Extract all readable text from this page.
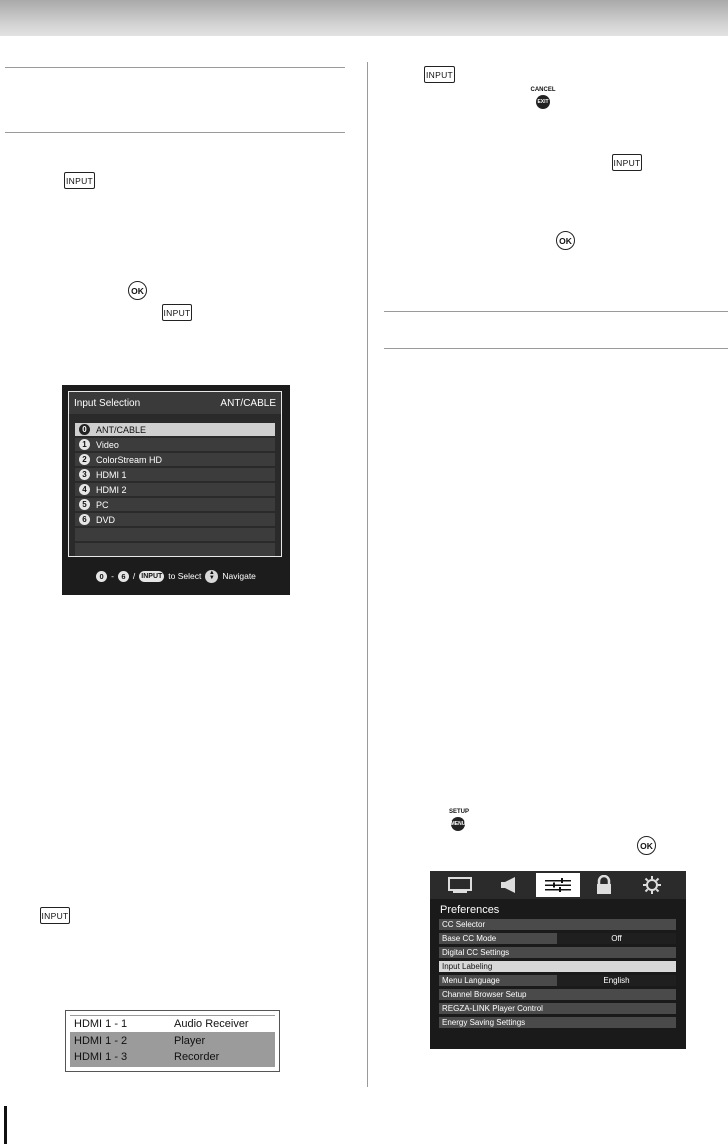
INPUT
OK
INPUT
INPUT
INPUT
CANCEL
EXIT
INPUT
OK
SETUP
MENU
OK
Input Selection	ANT/CABLE
0	ANT/CABLE
1	Video
2	ColorStream HD
3	HDMI 1
4	HDMI 2
5	PC
6	DVD
0 - 6 / INPUT to Select ▲
▼ Navigate
HDMI 1 - 1	Audio Receiver
HDMI 1 - 2	Player
HDMI 1 - 3	Recorder
Preferences
CC Selector
Base CC Mode	Off
Digital CC Settings
Input Labeling
Menu Language	English
Channel Browser Setup
REGZA-LINK Player Control
Energy Saving Settings
